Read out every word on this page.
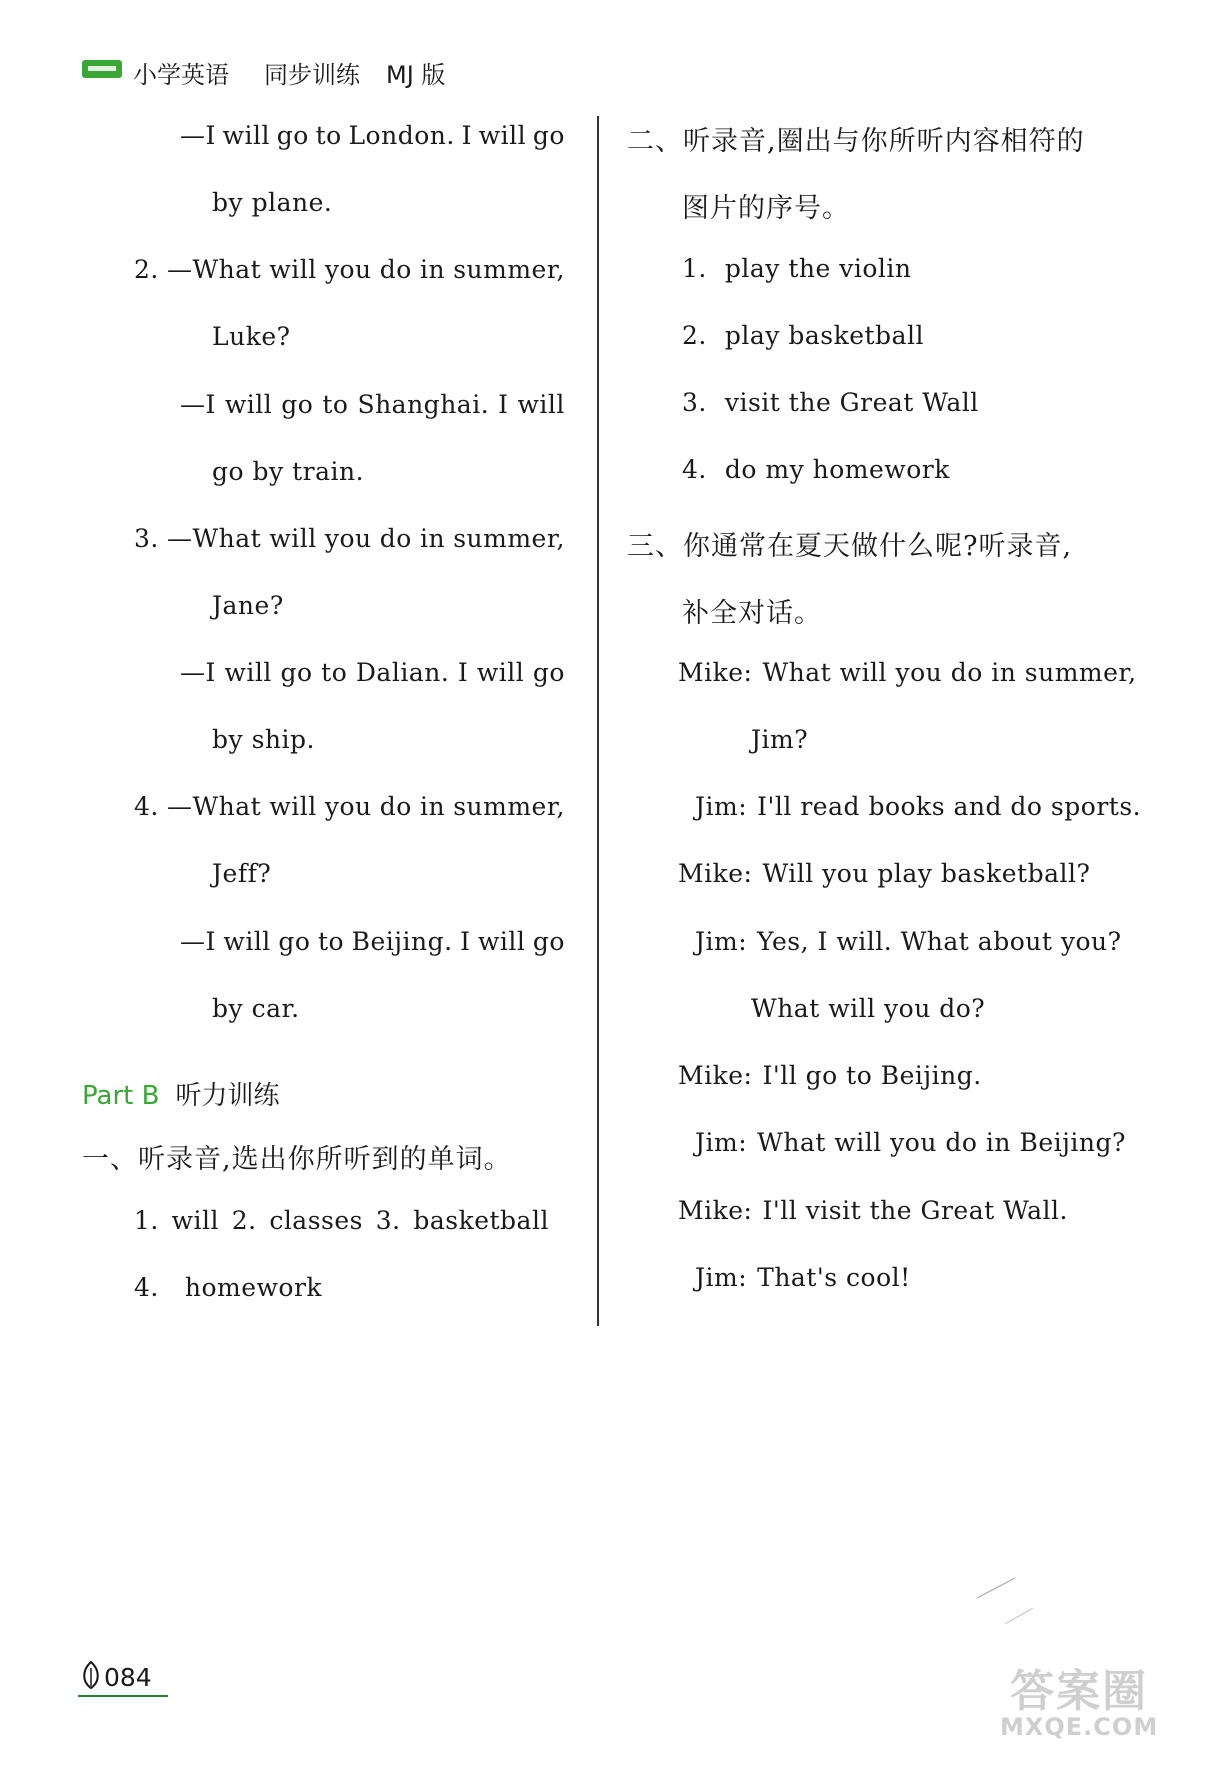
小学英语 同步训练 MJ 版
—I will go to London. I will go
by plane.
2. —What will you do in summer,
Luke?
—I will go to Shanghai. I will
go by train.
3. —What will you do in summer,
Jane?
—I will go to Dalian. I will go
by ship.
4. —What will you do in summer,
Jeff?
—I will go to Beijing. I will go
by car.
Part B 听力训练
一、听录音,选出你所听到的单词。
1. will 2. classes 3. basketball
4. homework
二、听录音,圈出与你所听内容相符的
图片的序号。
1. play the violin
2. play basketball
3. visit the Great Wall
4. do my homework
三、你通常在夏天做什么呢?听录音,
补全对话。
Mike: What will you do in summer,
Jim?
Jim: I'll read books and do sports.
Mike: Will you play basketball?
Jim: Yes, I will. What about you?
What will you do?
Mike: I'll go to Beijing.
Jim: What will you do in Beijing?
Mike: I'll visit the Great Wall.
Jim: That's cool!
084	答案圈
MXQE.COM
